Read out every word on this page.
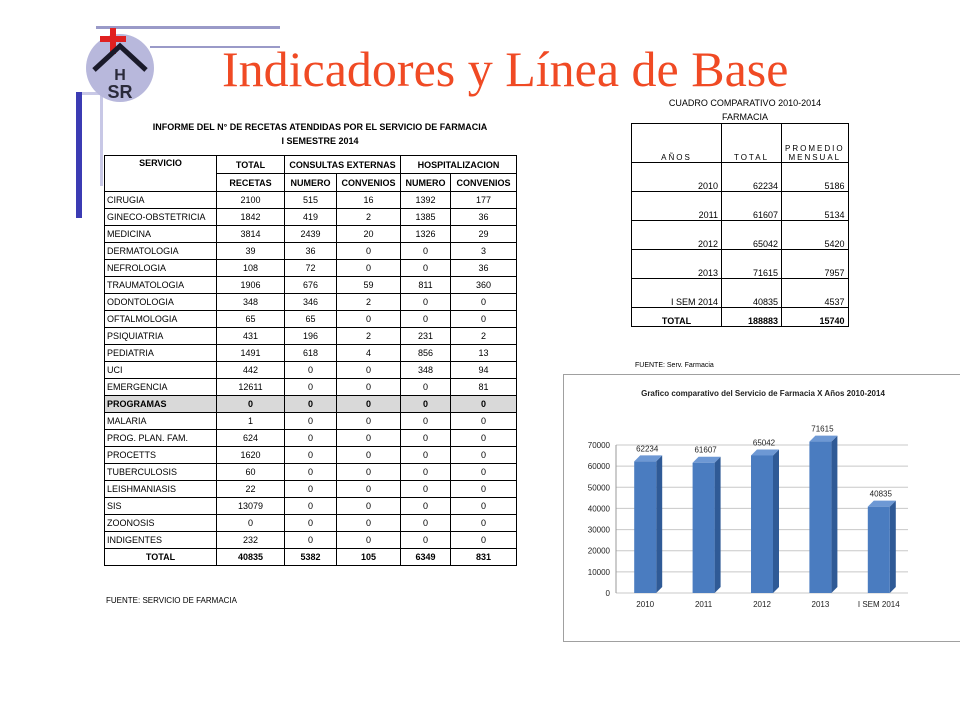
H
SR Indicadores y Línea de Base
INFORME DEL N° DE RECETAS ATENDIDAS POR EL SERVICIO DE FARMACIA
I SEMESTRE 2014
SERVICIO	TOTAL	CONSULTAS EXTERNAS		HOSPITALIZACION	
	RECETAS	NUMERO	CONVENIOS	NUMERO	CONVENIOS
CIRUGIA	2100	515	16	1392	177
GINECO-OBSTETRICIA	1842	419	2	1385	36
MEDICINA	3814	2439	20	1326	29
DERMATOLOGIA	39	36	0	0	3
NEFROLOGIA	108	72	0	0	36
TRAUMATOLOGIA	1906	676	59	811	360
ODONTOLOGIA	348	346	2	0	0
OFTALMOLOGIA	65	65	0	0	0
PSIQUIATRIA	431	196	2	231	2
PEDIATRIA	1491	618	4	856	13
UCI	442	0	0	348	94
EMERGENCIA	12611	0	0	0	81
PROGRAMAS	0	0	0	0	0
MALARIA	1	0	0	0	0
PROG. PLAN. FAM.	624	0	0	0	0
PROCETTS	1620	0	0	0	0
TUBERCULOSIS	60	0	0	0	0
LEISHMANIASIS	22	0	0	0	0
SIS	13079	0	0	0	0
ZOONOSIS	0	0	0	0	0
INDIGENTES	232	0	0	0	0
TOTAL	40835	5382	105	6349	831
FUENTE: SERVICIO DE FARMACIA
CUADRO COMPARATIVO 2010-2014
FARMACIA
AÑOS	TOTAL	PROMEDIO
MENSUAL

2010	62234	5186
2011	61607	5134
2012	65042	5420
2013	71615	7957
I SEM 2014	40835	4537
TOTAL	188883	15740
FUENTE: Serv. Farmacia
Grafico comparativo del Servicio de Farmacia X Años 2010-2014
0
10000
20000
30000
40000
50000
60000
70000	62234
2010
61607
2011
65042
2012
71615
2013
40835
I SEM 2014
